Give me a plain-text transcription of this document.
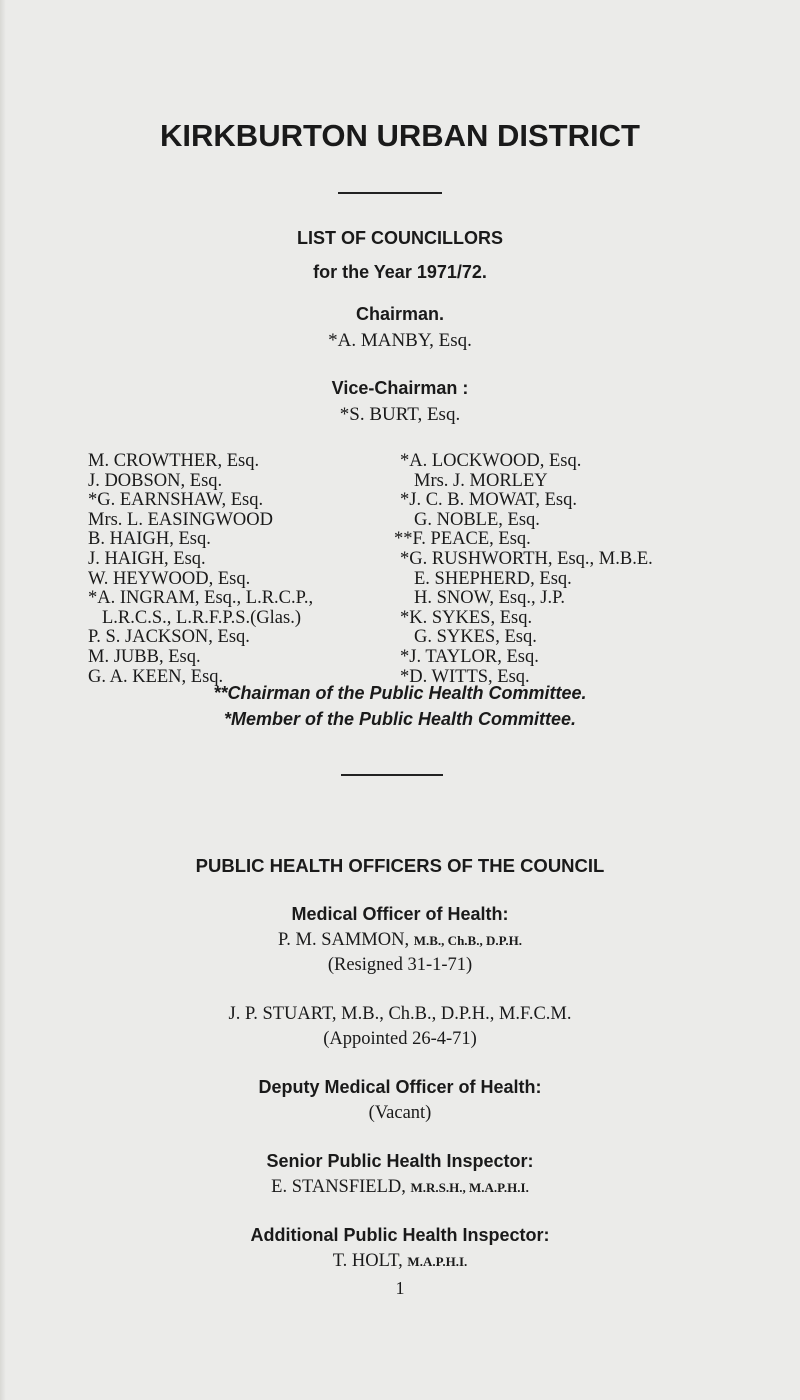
KIRKBURTON URBAN DISTRICT
LIST OF COUNCILLORS
for the Year 1971/72.
Chairman.
*A. MANBY, Esq.
Vice-Chairman :
*S. BURT, Esq.
M. CROWTHER, Esq.
J. DOBSON, Esq.
*G. EARNSHAW, Esq.
Mrs. L. EASINGWOOD
B. HAIGH, Esq.
J. HAIGH, Esq.
W. HEYWOOD, Esq.
*A. INGRAM, Esq., L.R.C.P.,
L.R.C.S., L.R.F.P.S.(Glas.)
P. S. JACKSON, Esq.
M. JUBB, Esq.
G. A. KEEN, Esq.
*A. LOCKWOOD, Esq.
Mrs. J. MORLEY
*J. C. B. MOWAT, Esq.
G. NOBLE, Esq.
**F. PEACE, Esq.
*G. RUSHWORTH, Esq., M.B.E.
E. SHEPHERD, Esq.
H. SNOW, Esq., J.P.
*K. SYKES, Esq.
G. SYKES, Esq.
*J. TAYLOR, Esq.
*D. WITTS, Esq.
**Chairman of the Public Health Committee.
*Member of the Public Health Committee.
PUBLIC HEALTH OFFICERS OF THE COUNCIL
Medical Officer of Health:
P. M. SAMMON, M.B., Ch.B., D.P.H.
(Resigned 31-1-71)
J. P. STUART, M.B., Ch.B., D.P.H., M.F.C.M.
(Appointed 26-4-71)
Deputy Medical Officer of Health:
(Vacant)
Senior Public Health Inspector:
E. STANSFIELD, M.R.S.H., M.A.P.H.I.
Additional Public Health Inspector:
T. HOLT, M.A.P.H.I.
1
